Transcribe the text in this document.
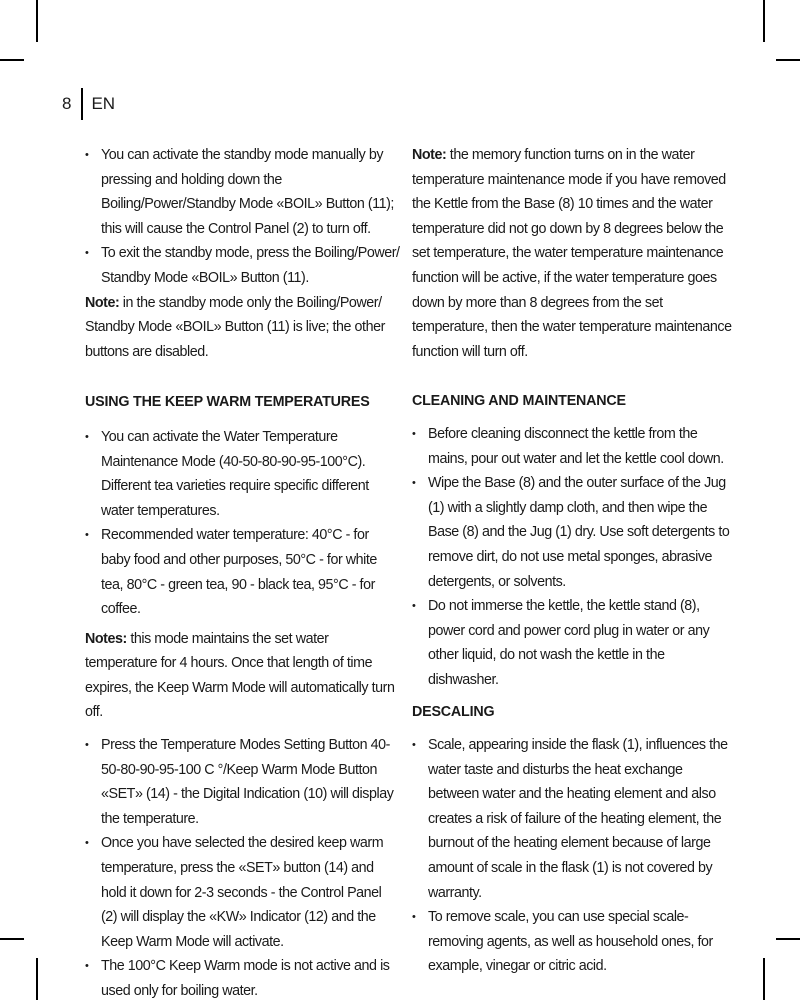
8 EN
• You can activate the standby mode manually by pressing and holding down the Boiling/Power/Standby Mode «BOIL» Button (11); this will cause the Control Panel (2) to turn off.
• To exit the standby mode, press the Boiling/Power/ Standby Mode «BOIL» Button (11).

Note: in the standby mode only the Boiling/Power/ Standby Mode «BOIL» Button (11) is live; the other buttons are disabled.

USING THE KEEP WARM TEMPERATURES

• You can activate the Water Temperature Maintenance Mode (40-50-80-90-95-100°C). Different tea varieties require specific different water temperatures.
• Recommended water temperature: 40°C - for baby food and other purposes, 50°C - for white tea, 80°C - green tea, 90 - black tea, 95°C - for coffee.

Notes: this mode maintains the set water temperature for 4 hours. Once that length of time expires, the Keep Warm Mode will automatically turn off.

• Press the Temperature Modes Setting Button 40-50-80-90-95-100 C °/Keep Warm Mode Button «SET» (14) - the Digital Indication (10) will display the temperature.
• Once you have selected the desired keep warm temperature, press the «SET» button (14) and hold it down for 2-3 seconds - the Control Panel (2) will display the «KW» Indicator (12) and the Keep Warm Mode will activate.
• The 100°C Keep Warm mode is not active and is used only for boiling water.

Note: the memory function turns on in the water temperature maintenance mode if you have removed the Kettle from the Base (8) 10 times and the water temperature did not go down by 8 degrees below the set temperature, the water temperature maintenance function will be active, if the water temperature goes down by more than 8 degrees from the set temperature, then the water temperature maintenance function will turn off.

CLEANING AND MAINTENANCE

• Before cleaning disconnect the kettle from the mains, pour out water and let the kettle cool down.
• Wipe the Base (8) and the outer surface of the Jug (1) with a slightly damp cloth, and then wipe the Base (8) and the Jug (1) dry. Use soft detergents to remove dirt, do not use metal sponges, abrasive detergents, or solvents.
• Do not immerse the kettle, the kettle stand (8), power cord and power cord plug in water or any other liquid, do not wash the kettle in the dishwasher.

DESCALING

• Scale, appearing inside the flask (1), influences the water taste and disturbs the heat exchange between water and the heating element and also creates a risk of failure of the heating element, the burnout of the heating element because of large amount of scale in the flask (1) is not covered by warranty.
• To remove scale, you can use special scale-removing agents, as well as household ones, for example, vinegar or citric acid.
